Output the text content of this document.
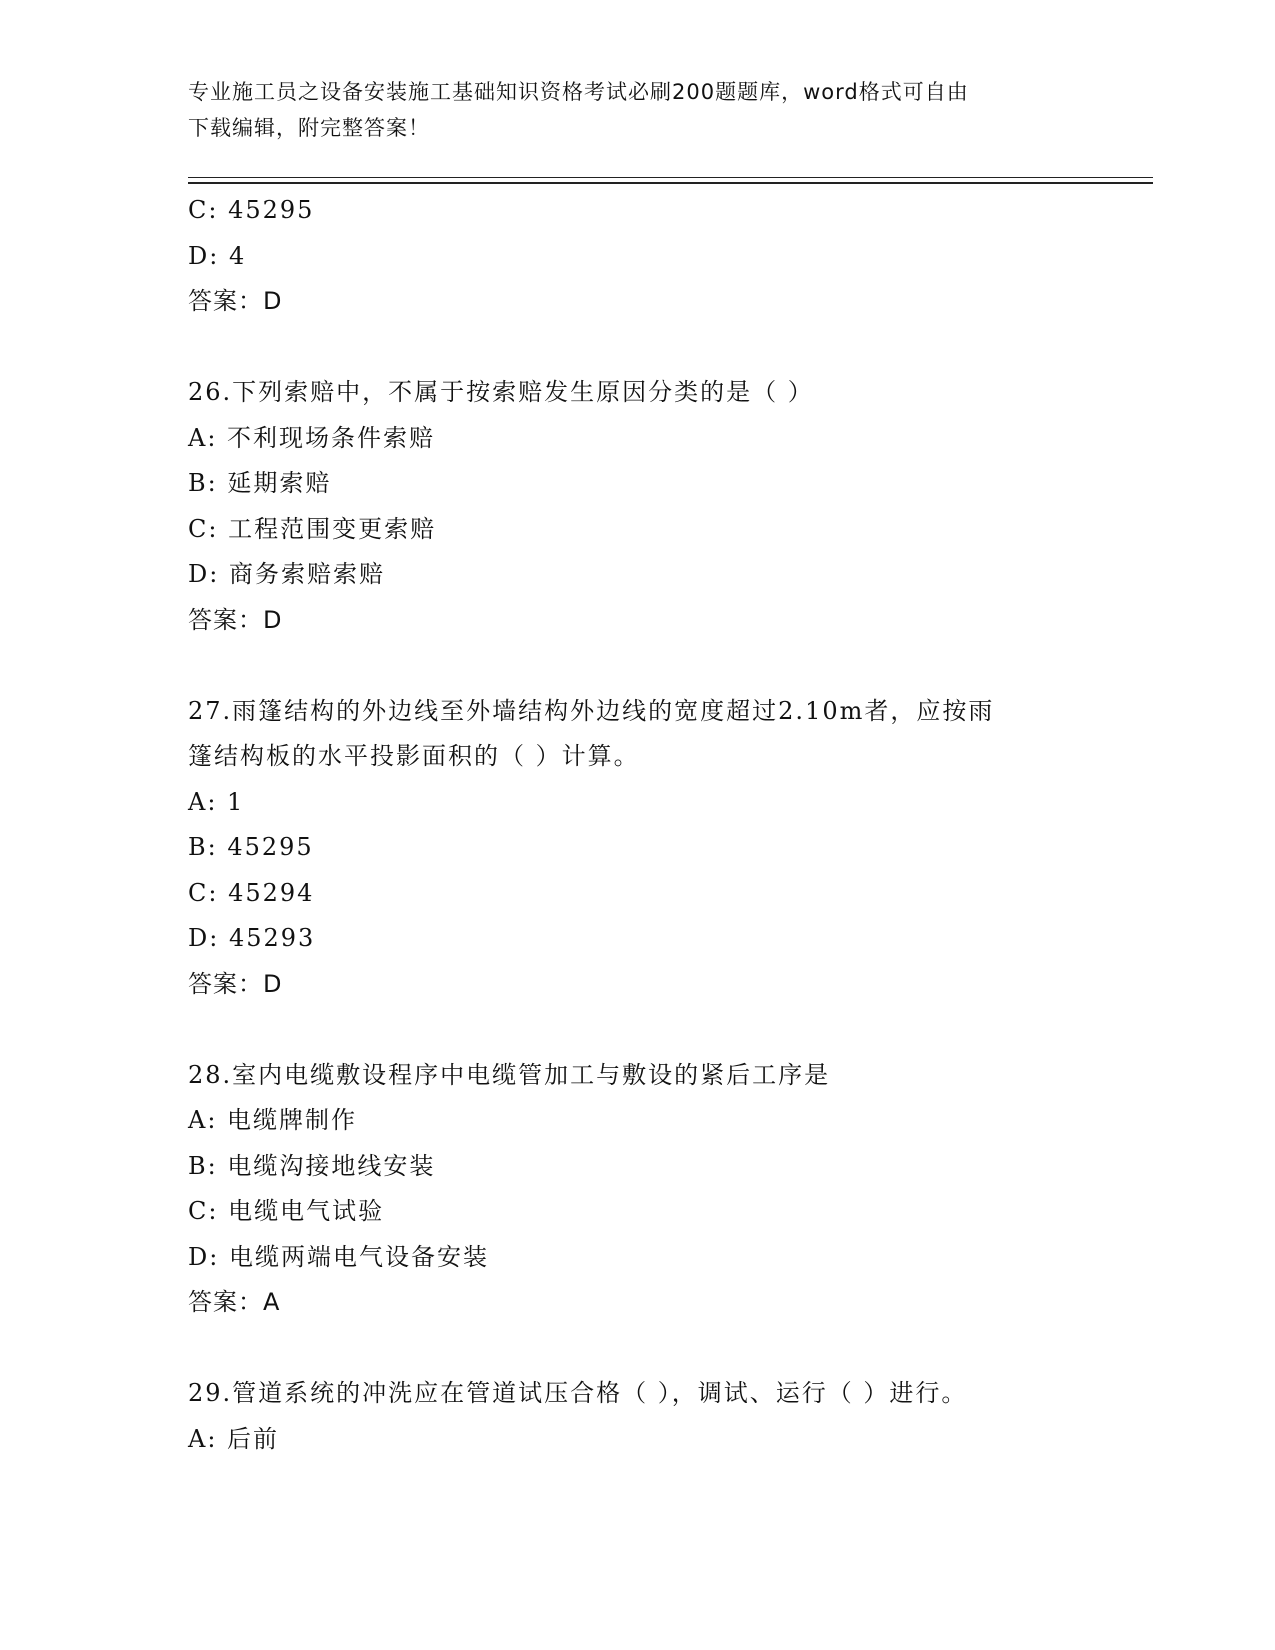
专业施工员之设备安装施工基础知识资格考试必刷200题题库，word格式可自由
下载编辑，附完整答案！
C: 45295
D: 4
答案：D
26.下列索赔中，不属于按索赔发生原因分类的是（ ）
A: 不利现场条件索赔
B: 延期索赔
C: 工程范围变更索赔
D: 商务索赔索赔
答案：D
27.雨篷结构的外边线至外墙结构外边线的宽度超过2.10m者，应按雨
篷结构板的水平投影面积的（ ）计算。
A: 1
B: 45295
C: 45294
D: 45293
答案：D
28.室内电缆敷设程序中电缆管加工与敷设的紧后工序是
A: 电缆牌制作
B: 电缆沟接地线安装
C: 电缆电气试验
D: 电缆两端电气设备安装
答案：A
29.管道系统的冲洗应在管道试压合格（ ），调试、运行（ ）进行。
A: 后前
